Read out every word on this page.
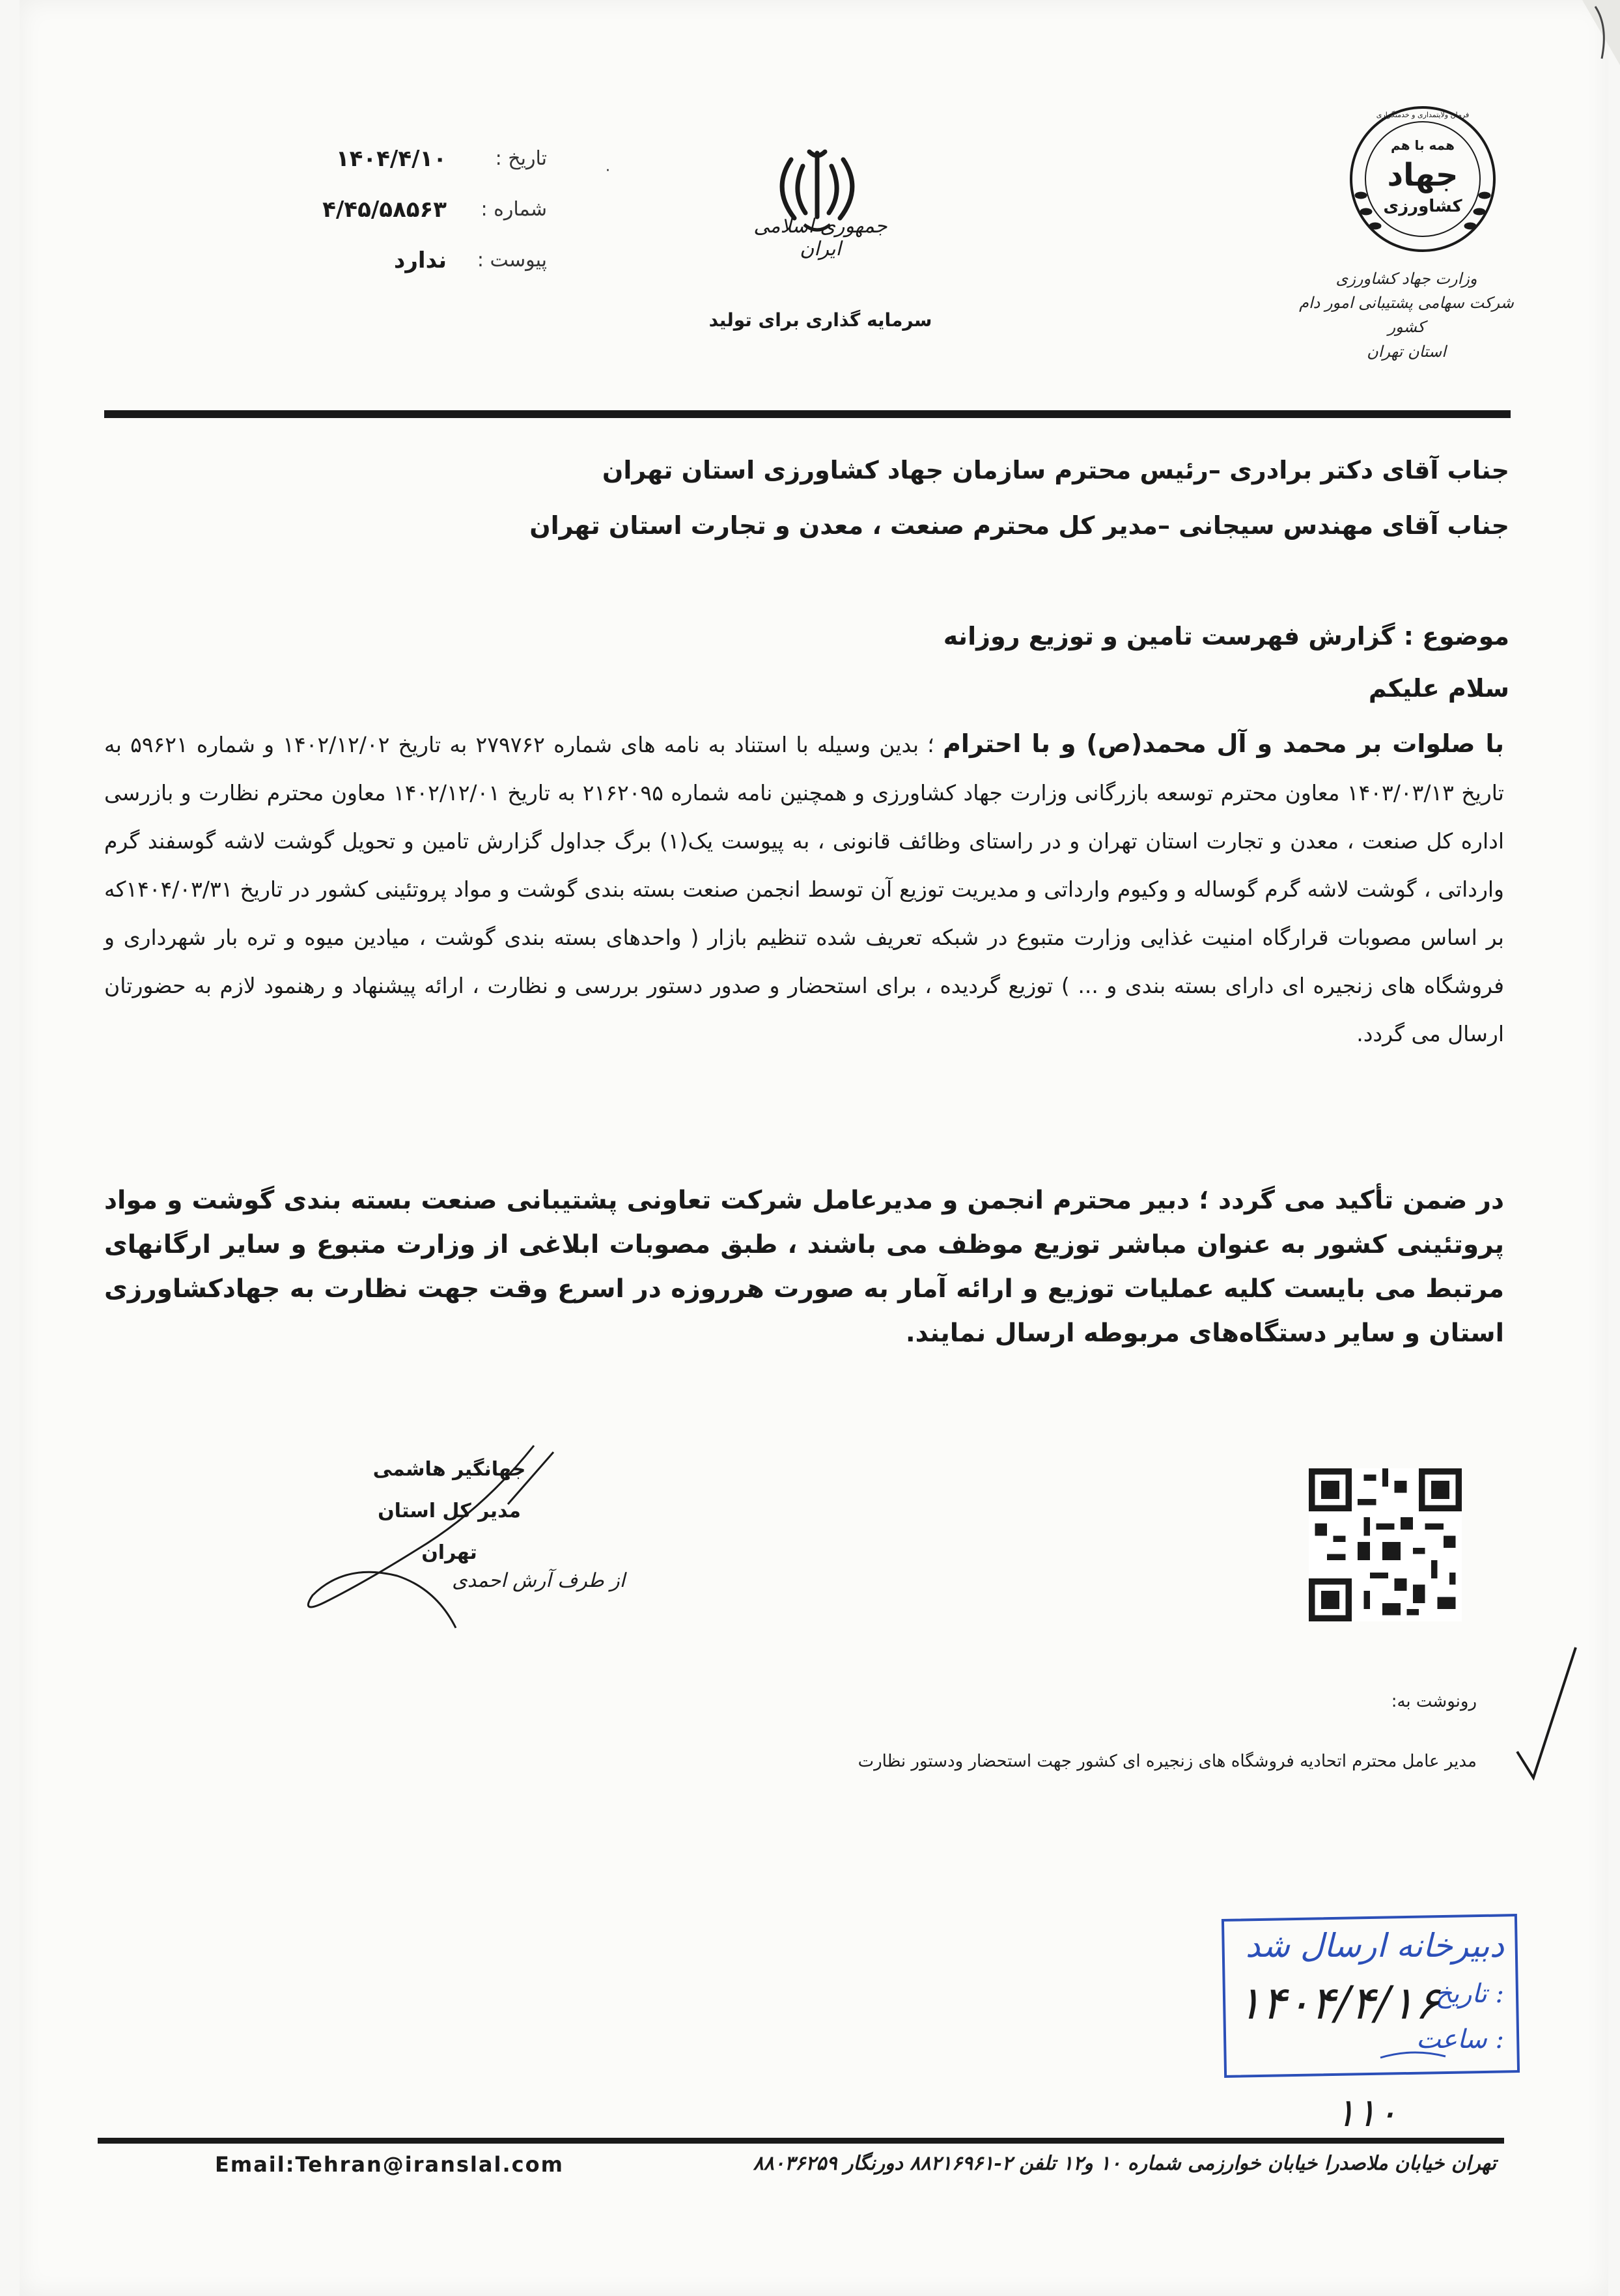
تاریخ :
۱۴۰۴/۴/۱۰
شماره :
۴/۴۵/۵۸۵۶۳
پیوست :
ندارد
·
جمهوری اسلامی ایران
سرمایه گذاری برای تولید
همه با هم
جهاد
کشاورزی
فرمان ولایتمداری و خدمتگزاری
وزارت جهاد کشاورزی
شرکت سهامی پشتیبانی امور دام کشور
استان تهران
جناب آقای دکتر برادری –رئیس محترم سازمان جهاد کشاورزی استان تهران
جناب آقای مهندس سیجانی –مدیر کل محترم صنعت ، معدن و تجارت استان تهران
موضوع : گزارش فهرست تامین و توزیع روزانه
سلام علیکم
با صلوات بر محمد و آل محمد(ص) و با احترام ؛ بدین وسیله با استناد به نامه های شماره ۲۷۹۷۶۲ به تاریخ ۱۴۰۲/۱۲/۰۲ و شماره ۵۹۶۲۱ به تاریخ ۱۴۰۳/۰۳/۱۳ معاون محترم توسعه بازرگانی وزارت جهاد کشاورزی و همچنین نامه شماره ۲۱۶۲۰۹۵ به تاریخ ۱۴۰۲/۱۲/۰۱ معاون محترم نظارت و بازرسی اداره کل صنعت ، معدن و تجارت استان تهران و در راستای وظائف قانونی ، به پیوست یک(۱) برگ جداول گزارش تامین و تحویل گوشت لاشه گوسفند گرم وارداتی ، گوشت لاشه گرم گوساله و وکیوم وارداتی و مدیریت توزیع آن توسط انجمن صنعت بسته بندی گوشت و مواد پروتئینی کشور در تاریخ ۱۴۰۴/۰۳/۳۱که بر اساس مصوبات قرارگاه امنیت غذایی وزارت متبوع در شبکه تعریف شده تنظیم بازار ( واحدهای بسته بندی گوشت ، میادین میوه و تره بار شهرداری و فروشگاه های زنجیره ای دارای بسته بندی و ... ) توزیع گردیده ، برای استحضار و صدور دستور بررسی و نظارت ، ارائه پیشنهاد و رهنمود لازم به حضورتان ارسال می گردد.
در ضمن تأکید می گردد ؛ دبیر محترم انجمن و مدیرعامل شرکت تعاونی پشتیبانی صنعت بسته بندی گوشت و مواد پروتئینی کشور به عنوان مباشر توزیع موظف می باشند ، طبق مصوبات ابلاغی از وزارت متبوع و سایر ارگانهای مرتبط می بایست کلیه عملیات توزیع و ارائه آمار به صورت هرروزه در اسرع وقت جهت نظارت به جهادکشاورزی استان و سایر دستگاه‌های مربوطه ارسال نمایند.
جهانگیر هاشمی
مدیر کل استان تهران
از طرف آرش احمدی
رونوشت به:
مدیر عامل محترم اتحادیه فروشگاه های زنجیره ای کشور جهت استحضار ودستور نظارت
دبیرخانه ارسال شد
تاریخ :
ساعت :
۱۴۰۴/۴/۱۶
۱۱۰
Email:Tehran@iranslal.com	تهران خیابان ملاصدرا خیابان خوارزمی شماره ۱۰ و۱۲ تلفن ۲-۸۸۲۱۶۹۶۱ دورنگار ۸۸۰۳۶۲۵۹
